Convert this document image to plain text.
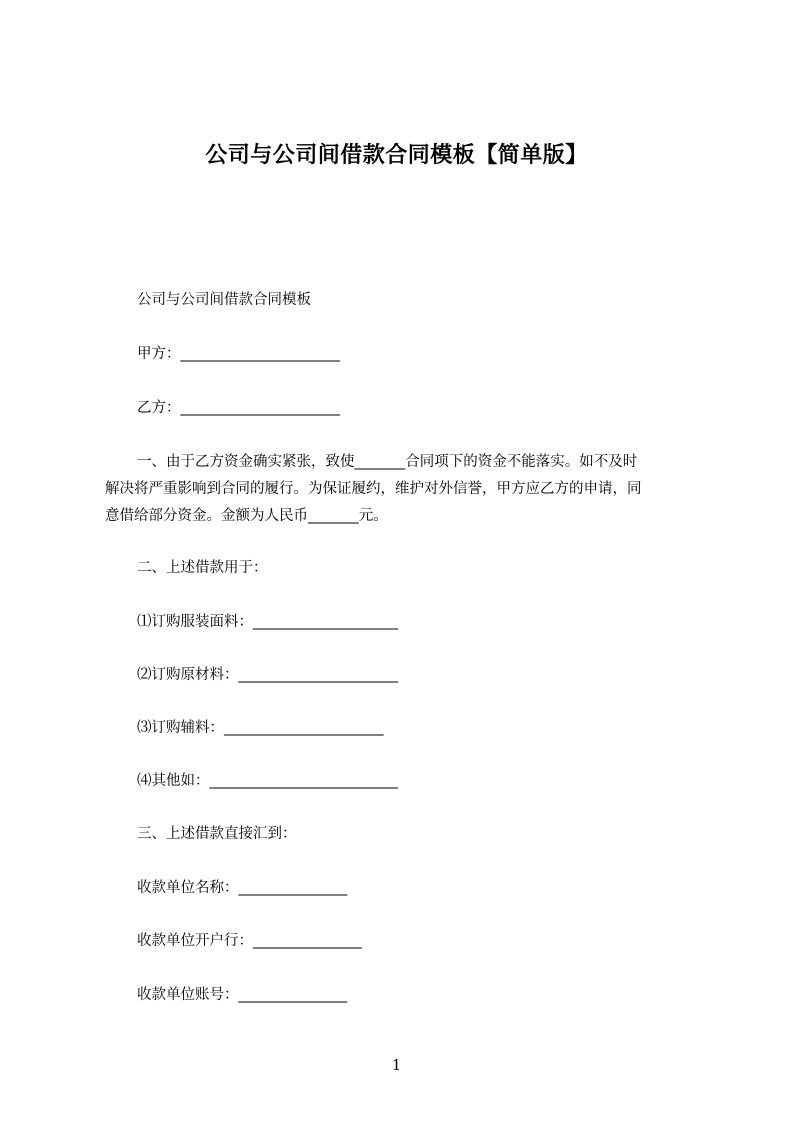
公司与公司间借款合同模板【简单版】
公司与公司间借款合同模板
甲方：______________________
乙方：______________________

一、由于乙方资金确实紧张，致使_______合同项下的资金不能落实。如不及时

解决将严重影响到合同的履行。为保证履约，维护对外信誉，甲方应乙方的申请，同

意借给部分资金。金额为人民币_______元。

二、上述借款用于：
⑴订购服装面料：____________________
⑵订购原材料：______________________
⑶订购辅料：______________________
⑷其他如：__________________________
三、上述借款直接汇到：
收款单位名称：_______________
收款单位开户行：_______________
收款单位账号：_______________
1
